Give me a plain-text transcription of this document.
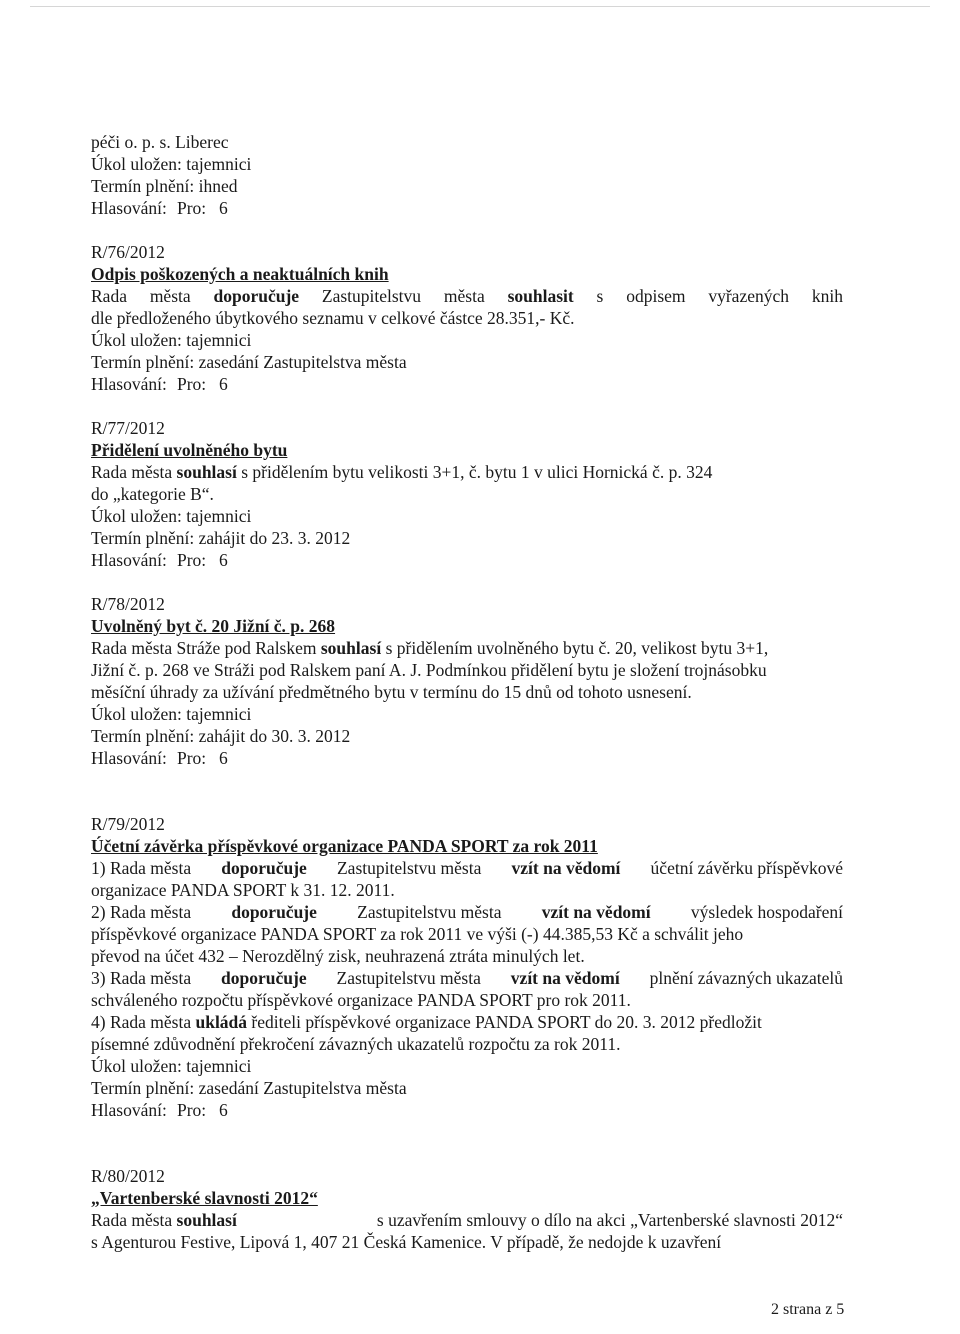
péči o. p. s. Liberec
Úkol uložen: tajemnici
Termín plnění: ihned
Hlasování: Pro: 6
R/76/2012
Odpis poškozených a neaktuálních knih
Rada města doporučuje Zastupitelstvu města souhlasit s odpisem vyřazených knih
dle předloženého úbytkového seznamu v celkové částce 28.351,- Kč.
Úkol uložen: tajemnici
Termín plnění: zasedání Zastupitelstva města
Hlasování: Pro: 6
R/77/2012
Přidělení uvolněného bytu
Rada města souhlasí s přidělením bytu velikosti 3+1, č. bytu 1 v ulici Hornická č. p. 324
do „kategorie B“.
Úkol uložen: tajemnici
Termín plnění: zahájit do 23. 3. 2012
Hlasování: Pro: 6
R/78/2012
Uvolněný byt č. 20 Jižní č. p. 268
Rada města Stráže pod Ralskem souhlasí s přidělením uvolněného bytu č. 20, velikost bytu 3+1,
Jižní č. p. 268 ve Stráži pod Ralskem paní A. J. Podmínkou přidělení bytu je složení trojnásobku
měsíční úhrady za užívání předmětného bytu v termínu do 15 dnů od tohoto usnesení.
Úkol uložen: tajemnici
Termín plnění: zahájit do 30. 3. 2012
Hlasování: Pro: 6
R/79/2012
Účetní závěrka příspěvkové organizace PANDA SPORT za rok 2011
1) Rada města doporučuje Zastupitelstvu města vzít na vědomí účetní závěrku příspěvkové
organizace PANDA SPORT k 31. 12. 2011.
2) Rada města doporučuje Zastupitelstvu města vzít na vědomí výsledek hospodaření
příspěvkové organizace PANDA SPORT za rok 2011 ve výši (-) 44.385,53 Kč a schválit jeho
převod na účet 432 – Nerozdělný zisk, neuhrazená ztráta minulých let.
3) Rada města doporučuje Zastupitelstvu města vzít na vědomí plnění závazných ukazatelů
schváleného rozpočtu příspěvkové organizace PANDA SPORT pro rok 2011.
4) Rada města ukládá řediteli příspěvkové organizace PANDA SPORT do 20. 3. 2012 předložit
písemné zdůvodnění překročení závazných ukazatelů rozpočtu za rok 2011.
Úkol uložen: tajemnici
Termín plnění: zasedání Zastupitelstva města
Hlasování: Pro: 6
R/80/2012
„Vartenberské slavnosti 2012“
Rada města souhlasí	s uzavřením smlouvy o dílo na akci „Vartenberské slavnosti 2012“
s Agenturou Festive, Lipová 1, 407 21 Česká Kamenice. V případě, že nedojde k uzavření
2 strana z 5
